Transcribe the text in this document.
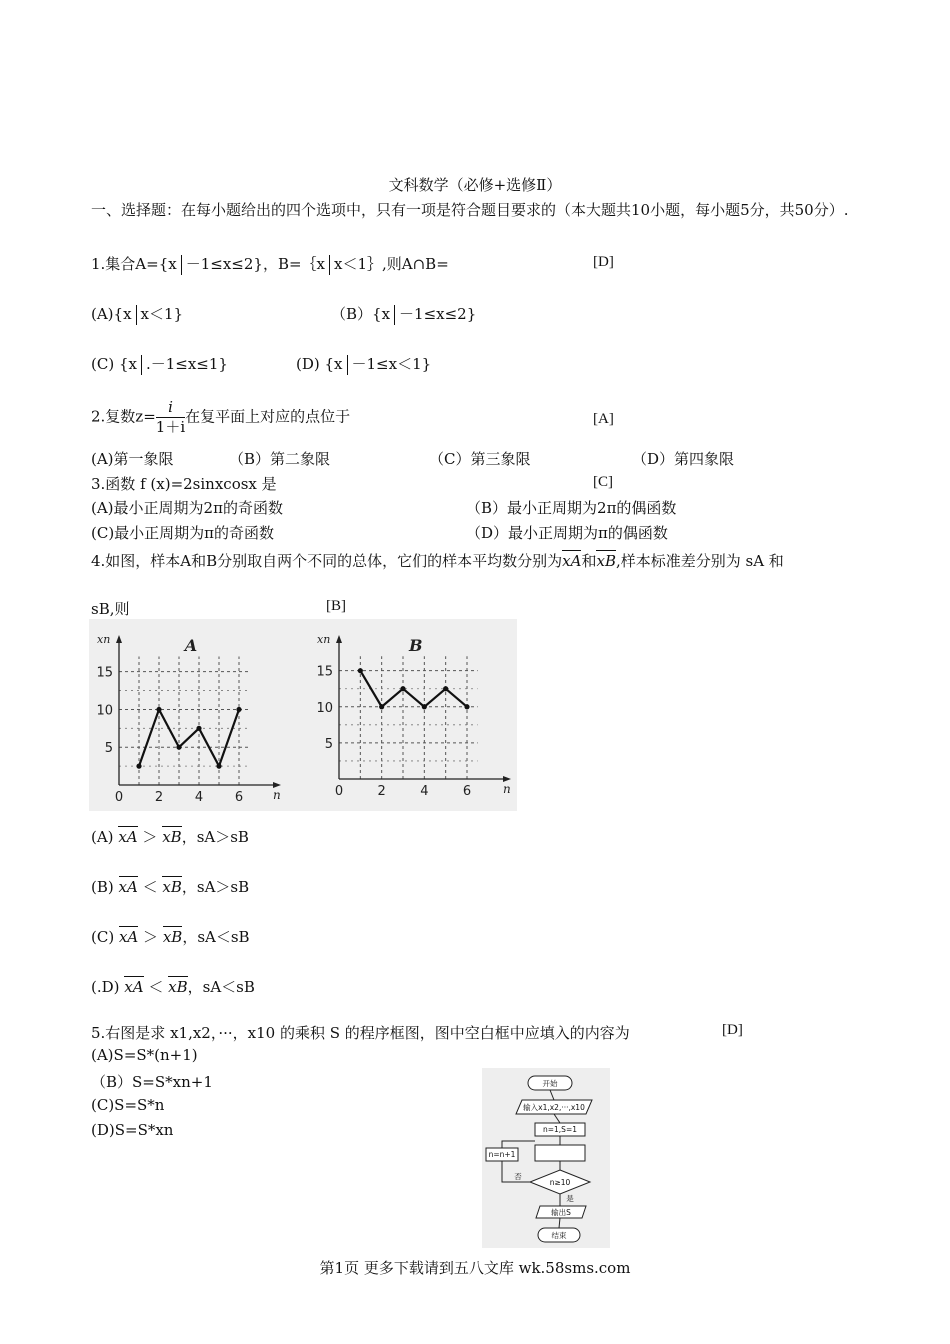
文科数学（必修+选修Ⅱ）
一、选择题：在每小题给出的四个选项中，只有一项是符合题目要求的（本大题共10小题，每小题5分，共50分）.
1.集合A={x －1≤x≤2}，B=｛x x＜1｝,则A∩B=	[D]
(A){x x＜1}	（B）{x －1≤x≤2}
(C) {x .－1≤x≤1}	(D) {x －1≤x＜1}
2.复数$z= \frac{i}{1+i}$ 在复平面上对应的点位于	[A]
(A)第一象限	（B）第二象限	（C）第三象限	（D）第四象限
3.函数 f (x)=2sinxcosx 是	[C]
(A)最小正周期为2π的奇函数	（B）最小正周期为2π的偶函数
(C)最小正周期为π的奇函数	（D）最小正周期为π的偶函数
4.如图，样本A和B分别取自两个不同的总体，它们的样本平均数分别为xA和xB,样本标准差分别为 sA 和
sB,则	[B]
0 2 4 6
5
10
15
A
n
xn
0	2	4	6
5
10
15
B
n
xn
(A) xA ＞ xB，sA＞sB
(B) xA ＜ xB，sA＞sB
(C) xA ＞ xB，sA＜sB
(.D) xA ＜ xB，sA＜sB
5.右图是求 x1,x2，···，x10 的乘积 S 的程序框图，图中空白框中应填入的内容为	[D]
(A)S=S*(n+1)
（B）S=S*xn+1
(C)S=S*n
(D)S=S*xn
开始
输入x1,x2,···,x10
n=1,S=1
n=n+1
否
n≥10
是
输出S
结束
第1页 更多下载请到五八文库 wk.58sms.com
